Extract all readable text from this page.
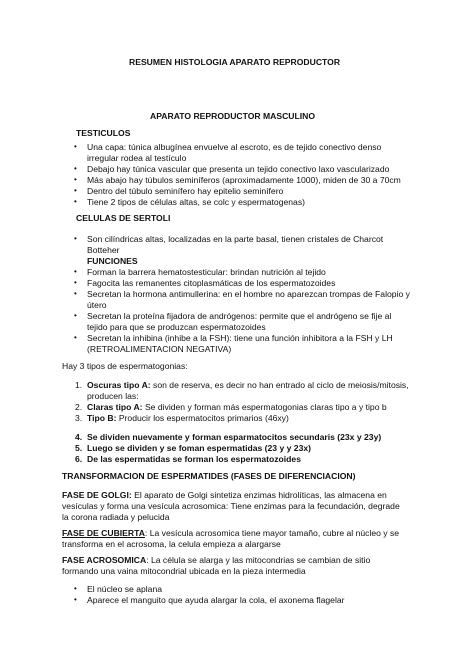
RESUMEN HISTOLOGIA APARATO REPRODUCTOR
APARATO REPRODUCTOR MASCULINO
TESTICULOS
• Una capa: túnica albugínea envuelve al escroto, es de tejido conectivo denso
irregular rodea al testículo
• Debajo hay túnica vascular que presenta un tejido conectivo laxo vascularizado
• Más abajo hay túbulos seminíferos (aproximadamente 1000), miden de 30 a 70cm
• Dentro del túbulo seminífero hay epitelio seminífero
• Tiene 2 tipos de células altas, se colc y espermatogenas)
CELULAS DE SERTOLI
• Son cilíndricas altas, localizadas en la parte basal, tienen cristales de Charcot
Botteher
FUNCIONES
• Forman la barrera hematostesticular: brindan nutrición al tejido
• Fagocita las remanentes citoplasmáticas de los espermatozoides
• Secretan la hormona antimullerina: en el hombre no aparezcan trompas de Falopio y
útero
• Secretan la proteína fijadora de andrógenos: permite que el andrógeno se fije al
tejido para que se produzcan espermatozoides
• Secretan la inhibina (inhibe a la FSH): tiene una función inhibitora a la FSH y LH
(RETROALIMENTACION NEGATIVA)
Hay 3 tipos de espermatogonias:
1. Oscuras tipo A: son de reserva, es decir no han entrado al ciclo de meiosis/mitosis,
producen las:
2. Claras tipo A: Se dividen y forman más espermatogonias claras tipo a y tipo b
3. Tipo B: Producir los espermatocitos primarios (46xy)
4. Se dividen nuevamente y forman esparmatocitos secundaris (23x y 23y)
5. Luego se dividen y se foman espermatidas (23 y y 23x)
6. De las espermatidas se forman los espermatozoides
TRANSFORMACION DE ESPERMATIDES (FASES DE DIFERENCIACION)
FASE DE GOLGI: El aparato de Golgi sintetiza enzimas hidrolíticas, las almacena en
vesículas y forma una vesícula acrosomica: Tiene enzimas para la fecundación, degrade
la corona radiada y pelucida
FASE DE CUBIERTA: La vesícula acrosomica tiene mayor tamaño, cubre al núcleo y se
transforma en el acrosoma, la celula empieza a alargarse
FASE ACROSOMICA: La célula se alarga y las mitocondrias se cambian de sitio
formando una vaina mitocondrial ubicada en la pieza intermedia
• El núcleo se aplana
• Aparece el manguito que ayuda alargar la cola, el axonema flagelar
